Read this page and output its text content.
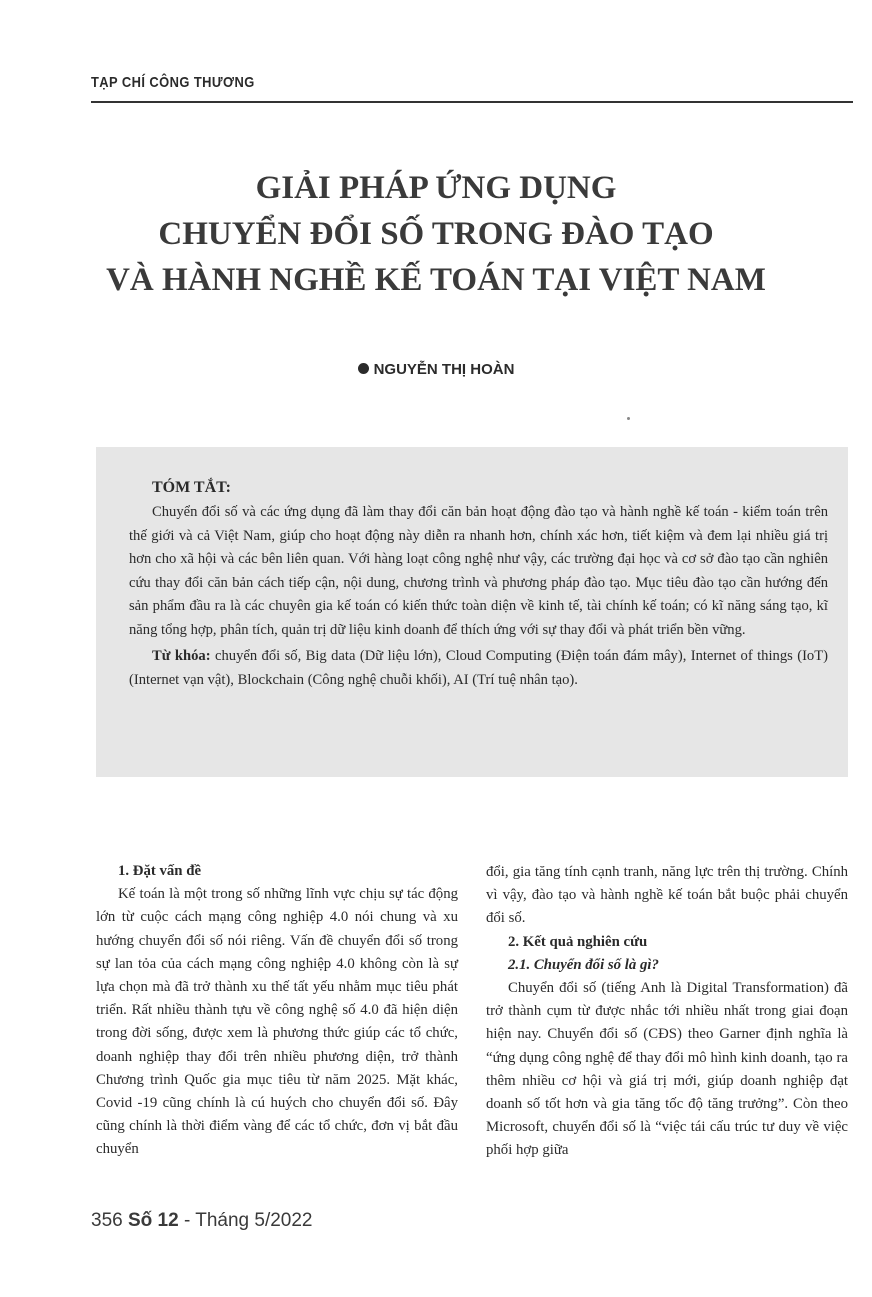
TẠP CHÍ CÔNG THƯƠNG
GIẢI PHÁP ỨNG DỤNG
CHUYỂN ĐỔI SỐ TRONG ĐÀO TẠO
VÀ HÀNH NGHỀ KẾ TOÁN TẠI VIỆT NAM
NGUYỄN THỊ HOÀN
TÓM TẮT:

Chuyển đổi số và các ứng dụng đã làm thay đổi căn bản hoạt động đào tạo và hành nghề kế toán - kiểm toán trên thế giới và cả Việt Nam, giúp cho hoạt động này diễn ra nhanh hơn, chính xác hơn, tiết kiệm và đem lại nhiều giá trị hơn cho xã hội và các bên liên quan. Với hàng loạt công nghệ như vậy, các trường đại học và cơ sở đào tạo cần nghiên cứu thay đổi căn bản cách tiếp cận, nội dung, chương trình và phương pháp đào tạo. Mục tiêu đào tạo cần hướng đến sản phẩm đầu ra là các chuyên gia kế toán có kiến thức toàn diện về kinh tế, tài chính kế toán; có kĩ năng sáng tạo, kĩ năng tổng hợp, phân tích, quản trị dữ liệu kinh doanh để thích ứng với sự thay đổi và phát triển bền vững.

Từ khóa: chuyển đổi số, Big data (Dữ liệu lớn), Cloud Computing (Điện toán đám mây), Internet of things (IoT) (Internet vạn vật), Blockchain (Công nghệ chuỗi khối), AI (Trí tuệ nhân tạo).

1. Đặt vấn đề

Kế toán là một trong số những lĩnh vực chịu sự tác động lớn từ cuộc cách mạng công nghiệp 4.0 nói chung và xu hướng chuyển đổi số nói riêng. Vấn đề chuyển đổi số trong sự lan tỏa của cách mạng công nghiệp 4.0 không còn là sự lựa chọn mà đã trở thành xu thế tất yếu nhằm mục tiêu phát triển. Rất nhiều thành tựu về công nghệ số 4.0 đã hiện diện trong đời sống, được xem là phương thức giúp các tổ chức, doanh nghiệp thay đổi trên nhiều phương diện, trở thành Chương trình Quốc gia mục tiêu từ năm 2025. Mặt khác, Covid -19 cũng chính là cú huých cho chuyển đổi số. Đây cũng chính là thời điểm vàng để các tổ chức, đơn vị bắt đầu chuyển

đổi, gia tăng tính cạnh tranh, năng lực trên thị trường. Chính vì vậy, đào tạo và hành nghề kế toán bắt buộc phải chuyển đổi số.

2. Kết quả nghiên cứu

2.1. Chuyển đổi số là gì?

Chuyển đổi số (tiếng Anh là Digital Transformation) đã trở thành cụm từ được nhắc tới nhiều nhất trong giai đoạn hiện nay. Chuyển đổi số (CĐS) theo Garner định nghĩa là “ứng dụng công nghệ để thay đổi mô hình kinh doanh, tạo ra thêm nhiều cơ hội và giá trị mới, giúp doanh nghiệp đạt doanh số tốt hơn và gia tăng tốc độ tăng trưởng”. Còn theo Microsoft, chuyển đổi số là “việc tái cấu trúc tư duy về việc phối hợp giữa

356 Số 12 - Tháng 5/2022
